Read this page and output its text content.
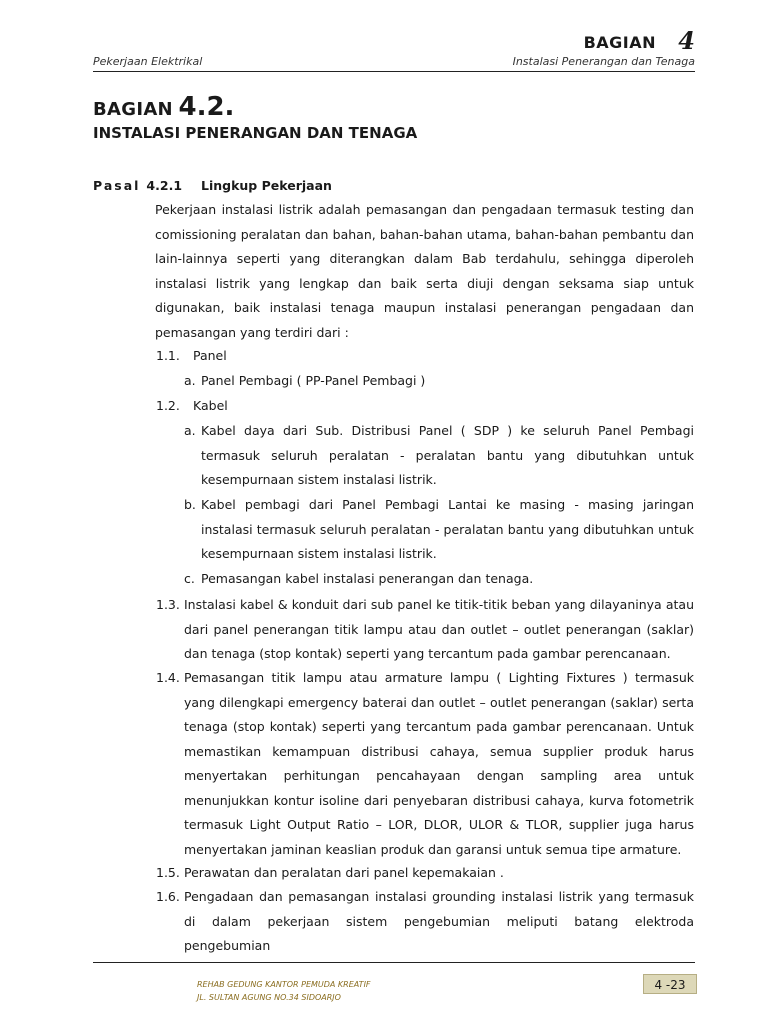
BAGIAN 4
Pekerjaan Elektrikal	Instalasi Penerangan dan Tenaga
BAGIAN 4.2.
INSTALASI PENERANGAN DAN TENAGA
Pasal 4.2.1 Lingkup Pekerjaan
Pekerjaan instalasi listrik adalah pemasangan dan pengadaan termasuk testing dan comissioning peralatan dan bahan, bahan-bahan utama, bahan-bahan pembantu dan lain-lainnya seperti yang diterangkan dalam Bab terdahulu, sehingga diperoleh instalasi listrik yang lengkap dan baik serta diuji dengan seksama siap untuk digunakan, baik instalasi tenaga maupun instalasi penerangan pengadaan dan pemasangan yang terdiri dari :
1.1. Panel
a. Panel Pembagi ( PP-Panel Pembagi )
1.2. Kabel
a. Kabel daya dari Sub. Distribusi Panel ( SDP ) ke seluruh Panel Pembagi termasuk seluruh peralatan - peralatan bantu yang dibutuhkan untuk kesempurnaan sistem instalasi listrik.
b. Kabel pembagi dari Panel Pembagi Lantai ke masing - masing jaringan instalasi termasuk seluruh peralatan - peralatan bantu yang dibutuhkan untuk kesempurnaan sistem instalasi listrik.
c. Pemasangan kabel instalasi penerangan dan tenaga.
1.3. Instalasi kabel & konduit dari sub panel ke titik-titik beban yang dilayaninya atau dari panel penerangan titik lampu atau dan outlet – outlet penerangan (saklar) dan tenaga (stop kontak) seperti yang tercantum pada gambar perencanaan.
1.4. Pemasangan titik lampu atau armature lampu ( Lighting Fixtures ) termasuk yang dilengkapi emergency baterai dan outlet – outlet penerangan (saklar) serta tenaga (stop kontak) seperti yang tercantum pada gambar perencanaan. Untuk memastikan kemampuan distribusi cahaya, semua supplier produk harus menyertakan perhitungan pencahayaan dengan sampling area untuk menunjukkan kontur isoline dari penyebaran distribusi cahaya, kurva fotometrik termasuk Light Output Ratio – LOR, DLOR, ULOR & TLOR, supplier juga harus menyertakan jaminan keaslian produk dan garansi untuk semua tipe armature.
1.5. Perawatan dan peralatan dari panel kepemakaian .
1.6. Pengadaan dan pemasangan instalasi grounding instalasi listrik yang termasuk di dalam pekerjaan sistem pengebumian meliputi batang elektroda pengebumian
REHAB GEDUNG KANTOR PEMUDA KREATIF
JL. SULTAN AGUNG NO.34 SIDOARJO
4 -23
